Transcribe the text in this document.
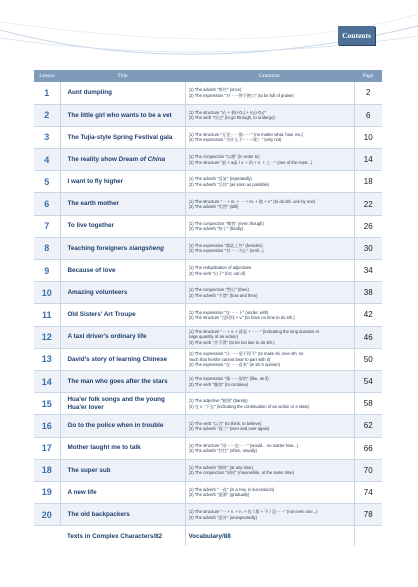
Contents
Lesson	Title	Grammar	Page
1	Aunt dumpling	(1) The adverb "曾经" (once)
(2) The expression "对······赞不绝口" (to be full of praise)	2
2	The little girl who wants to be a vet	(1) The structure "V₁ + 着(+O₁) + V₂(+O₂)"
(2) The verb "经过" (to go through, to undergo)	6
3	The Tujia-style Spring Festival gala	(1) The structure "无论······都······" (no matter what, how, etc.)
(2) The expression "为什么不······（呢）" (why not)	10
4	The reality show Dream of China	(1) The conjunction "以便" (in order to)
(2) The structure "最 + adj. / v. + 的 + n. + 之一" (one of the most...)	14
5	I want to fly higher	(1) The adverb "反复" (repeatedly)
(2) The adverb "尽快" (as soon as possible)	18
6	The earth mother	(1) The structure "一 + m. + 一 + m. + 地 + v." (to do sth. one by one)
(2) The adverb "仍然" (still)	22
7	To live together	(1) The conjunction "哪怕" (even though)
(2) The adverb "终于" (finally)	26
8	Teaching foreigners xiangsheng	(1) The expression "除此之外" (besides)
(2) The expression "对······为止" (until...)	30
9	Because of love	(1) The reduplication of adjectives
(2) The verb "出于" (for; out of)	34
10	Amazing volunteers	(1) The conjunction "然后" (then)
(2) The adverb "不禁" (how and then)	38
11	Old Sisters' Art Troupe	(1) The expression "在······下" (under, with)
(2) The structure "没时间 + v." (to have no time to do sth.)	42
12	A taxi driver's ordinary life	(1) The structure "一 + v. + 就是 + ······" (indicating the long duration or
large quantity of an action)
(2) The verb "舍不得" (to be too late to do sth.)	46
13	David's story of learning Chinese	(1) The expression "让······觉不得不" (to make sb. love sth. so
much that he/she cannot bear to part with it)
(2) The expression "在······看来" (in sb.'s opinion)	50
14	The man who goes after the stars	(1) The expression "像······似的" (like, as if)
(2) The verb "继续" (to continue)	54
15	Hua'er folk songs and the young Hua'er lover	(1) The adjective "勉强" (barely)
(2) 在 v. "下去" (indicating the continuation of an action or a state)	58
16	Go to the police when in trouble	(1) The verb "以为" (to think, to believe)
(2) The adverb "再三" (over and over again)	62
17	Mother taught me to talk	(1) The structure "再······也······" (would... no matter how...)
(2) The adverb "往往" (often, usually)	66
18	The super sub	(1) The adverb "随时" (at any time)
(2) The conjunction "同时" (meanwhile, at the same time)	70
19	A new life	(1) The adverb "一连" (in a row, in succession)
(2) The adverb "逐渐" (gradually)	74
20	The old backpackers	(1) The structure "一 + n. + n. + 也 / 都 + 不 / 没······" (not even one...)
(2) The adverb "意外" (unexpectedly)	78
	Texts in Complex Characters/82	Vocabulary/88	
